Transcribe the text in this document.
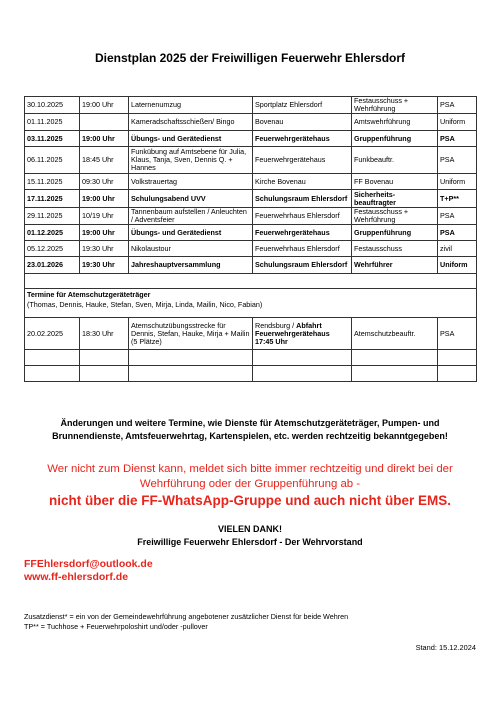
Dienstplan 2025 der Freiwilligen Feuerwehr Ehlersdorf
30.10.2025	19:00 Uhr	Laternenumzug	Sportplatz Ehlersdorf	Festausschuss + Wehrführung	PSA
01.11.2025		Kameradschaftsschießen/ Bingo	Bovenau	Amtswehrführung	Uniform
03.11.2025	19:00 Uhr	Übungs- und Gerätedienst	Feuerwehrgerätehaus	Gruppenführung	PSA
06.11.2025	18:45 Uhr	Funkübung auf Amtsebene für Julia, Klaus, Tanja, Sven, Dennis Q. + Hannes	Feuerwehrgerätehaus	Funkbeauftr.	PSA
15.11.2025	09:30 Uhr	Volkstrauertag	Kirche Bovenau	FF Bovenau	Uniform
17.11.2025	19:00 Uhr	Schulungsabend UVV	Schulungsraum Ehlersdorf	Sicherheits- beauftragter	T+P**
29.11.2025	10/19 Uhr	Tannenbaum aufstellen / Anleuchten / Adventsfeier	Feuerwehrhaus Ehlersdorf	Festausschuss + Wehrführung	PSA
01.12.2025	19:00 Uhr	Übungs- und Gerätedienst	Feuerwehrgerätehaus	Gruppenführung	PSA
05.12.2025	19:30 Uhr	Nikolaustour	Feuerwehrhaus Ehlersdorf	Festausschuss	zivil
23.01.2026	19:30 Uhr	Jahreshauptversammlung	Schulungsraum Ehlersdorf	Wehrführer	Uniform

Termine für Atemschutzgeräteträger
(Thomas, Dennis, Hauke, Stefan, Sven, Mirja, Linda, Mailin, Nico, Fabian)					
20.02.2025	18:30 Uhr	Atemschutzübungsstrecke für Dennis, Stefan, Hauke, Mirja + Mailin (5 Plätze)	Rendsburg / Abfahrt Feuerwehrgerätehaus 17:45 Uhr	Atemschutzbeauftr.	PSA

Änderungen und weitere Termine, wie Dienste für Atemschutzgeräteträger, Pumpen- und Brunnendienste, Amtsfeuerwehrtag, Kartenspielen, etc. werden rechtzeitig bekanntgegeben!
Wer nicht zum Dienst kann, meldet sich bitte immer rechtzeitig und direkt bei der Wehrführung oder der Gruppenführung ab -
nicht über die FF-WhatsApp-Gruppe und auch nicht über EMS.
VIELEN DANK!
Freiwillige Feuerwehr Ehlersdorf - Der Wehrvorstand
FFEhlersdorf@outlook.de
www.ff-ehlersdorf.de
Zusatzdienst* = ein von der Gemeindewehrführung angebotener zusätzlicher Dienst für beide Wehren
TP** = Tuchhose + Feuerwehrpoloshirt und/oder -pullover
Stand: 15.12.2024
